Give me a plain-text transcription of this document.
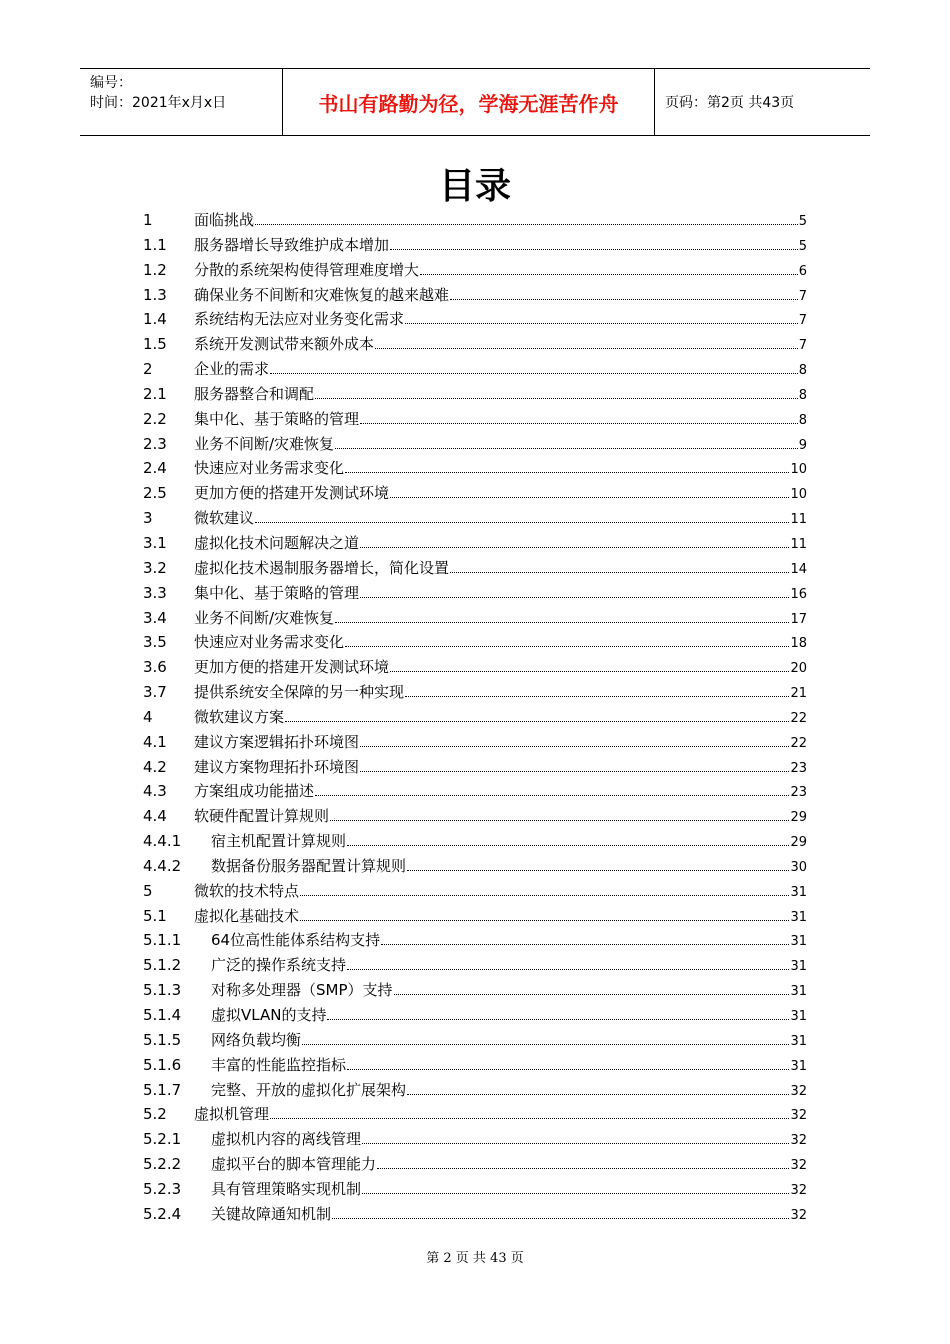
编号：
时间：2021年x月x日	书山有路勤为径，学海无涯苦作舟	页码：第2页 共43页
目录
1	面临挑战	5
1.1 服务器增长导致维护成本增加	5
1.2 分散的系统架构使得管理难度增大	6
1.3 确保业务不间断和灾难恢复的越来越难	7
1.4 系统结构无法应对业务变化需求	7
1.5 系统开发测试带来额外成本	7
2	企业的需求	8
2.1 服务器整合和调配	8
2.2 集中化、基于策略的管理	8
2.3 业务不间断/灾难恢复	9
2.4 快速应对业务需求变化	10
2.5 更加方便的搭建开发测试环境	10
3	微软建议	11
3.1 虚拟化技术问题解决之道	11
3.2 虚拟化技术遏制服务器增长，简化设置	14
3.3 集中化、基于策略的管理	16
3.4 业务不间断/灾难恢复	17
3.5 快速应对业务需求变化	18
3.6 更加方便的搭建开发测试环境	20
3.7 提供系统安全保障的另一种实现	21
4	微软建议方案	22
4.1 建议方案逻辑拓扑环境图	22
4.2 建议方案物理拓扑环境图	23
4.3 方案组成功能描述	23
4.4 软硬件配置计算规则	29
4.4.1 宿主机配置计算规则	29
4.4.2 数据备份服务器配置计算规则	30
5	微软的技术特点	31
5.1 虚拟化基础技术	31
5.1.1 64位高性能体系结构支持	31
5.1.2 广泛的操作系统支持	31
5.1.3 对称多处理器（SMP）支持	31
5.1.4 虚拟VLAN的支持	31
5.1.5 网络负载均衡	31
5.1.6 丰富的性能监控指标	31
5.1.7 完整、开放的虚拟化扩展架构	32
5.2 虚拟机管理	32
5.2.1 虚拟机内容的离线管理	32
5.2.2 虚拟平台的脚本管理能力	32
5.2.3 具有管理策略实现机制	32
5.2.4 关键故障通知机制	32
第 2 页 共 43 页
